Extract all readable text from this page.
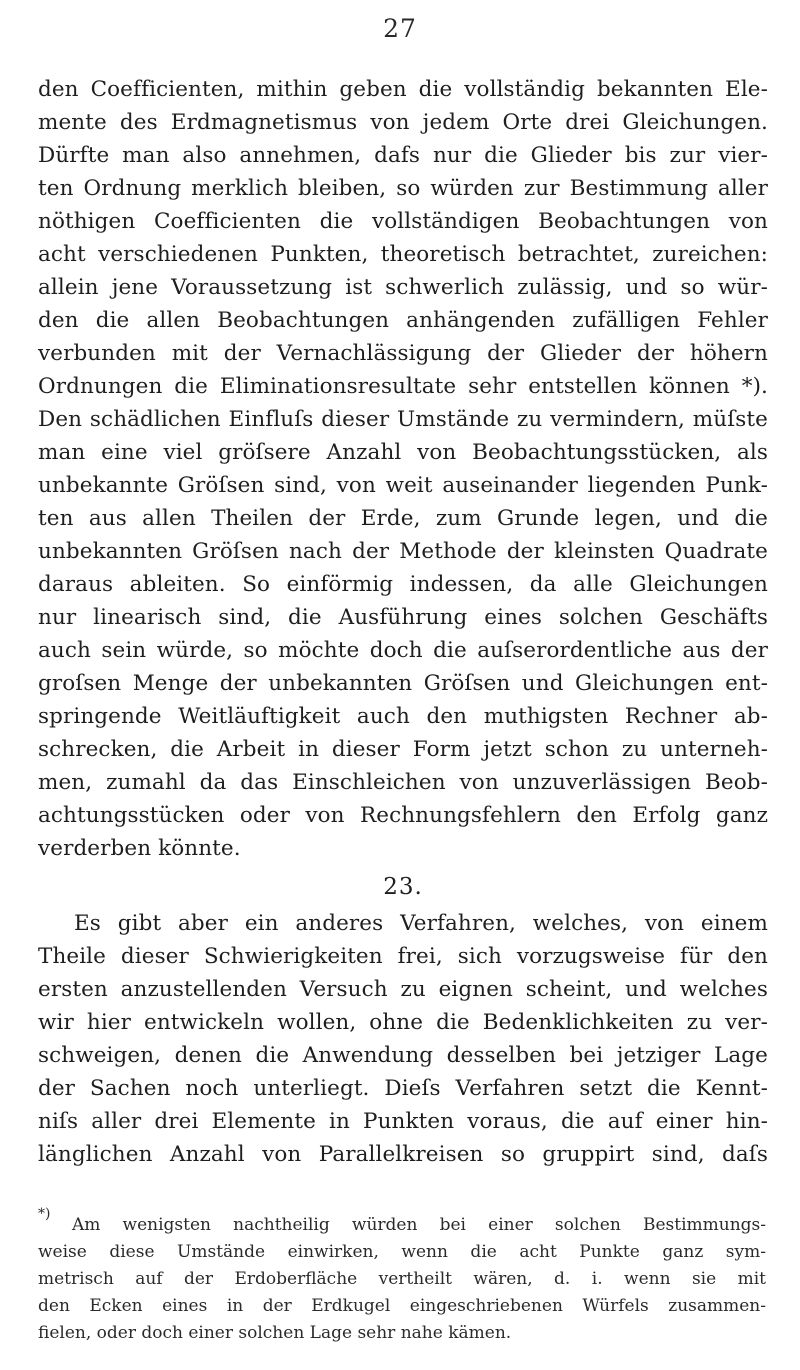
27
den Coefficienten, mithin geben die vollständig bekannten Ele-
mente des Erdmagnetismus von jedem Orte drei Gleichungen.
Dürfte man also annehmen, dafs nur die Glieder bis zur vier-
ten Ordnung merklich bleiben, so würden zur Bestimmung aller
nöthigen Coefficienten die vollständigen Beobachtungen von
acht verschiedenen Punkten, theoretisch betrachtet, zureichen:
allein jene Voraussetzung ist schwerlich zulässig, und so wür-
den die allen Beobachtungen anhängenden zufälligen Fehler
verbunden mit der Vernachlässigung der Glieder der höhern
Ordnungen die Eliminationsresultate sehr entstellen können *).
Den schädlichen Einfluſs dieser Umstände zu vermindern, müſste
man eine viel gröſsere Anzahl von Beobachtungsstücken, als
unbekannte Gröſsen sind, von weit auseinander liegenden Punk-
ten aus allen Theilen der Erde, zum Grunde legen, und die
unbekannten Gröſsen nach der Methode der kleinsten Quadrate
daraus ableiten. So einförmig indessen, da alle Gleichungen
nur linearisch sind, die Ausführung eines solchen Geschäfts
auch sein würde, so möchte doch die auſserordentliche aus der
groſsen Menge der unbekannten Gröſsen und Gleichungen ent-
springende Weitläuftigkeit auch den muthigsten Rechner ab-
schrecken, die Arbeit in dieser Form jetzt schon zu unterneh-
men, zumahl da das Einschleichen von unzuverlässigen Beob-
achtungsstücken oder von Rechnungsfehlern den Erfolg ganz
verderben könnte.
23.
Es gibt aber ein anderes Verfahren, welches, von einem
Theile dieser Schwierigkeiten frei, sich vorzugsweise für den
ersten anzustellenden Versuch zu eignen scheint, und welches
wir hier entwickeln wollen, ohne die Bedenklichkeiten zu ver-
schweigen, denen die Anwendung desselben bei jetziger Lage
der Sachen noch unterliegt. Dieſs Verfahren setzt die Kennt-
niſs aller drei Elemente in Punkten voraus, die auf einer hin-
länglichen Anzahl von Parallelkreisen so gruppirt sind, daſs
*)
Am wenigsten nachtheilig würden bei einer solchen Bestimmungs-
weise diese Umstände einwirken, wenn die acht Punkte ganz sym-
metrisch auf der Erdoberfläche vertheilt wären, d. i. wenn sie mit
den Ecken eines in der Erdkugel eingeschriebenen Würfels zusammen-
fielen, oder doch einer solchen Lage sehr nahe kämen.
